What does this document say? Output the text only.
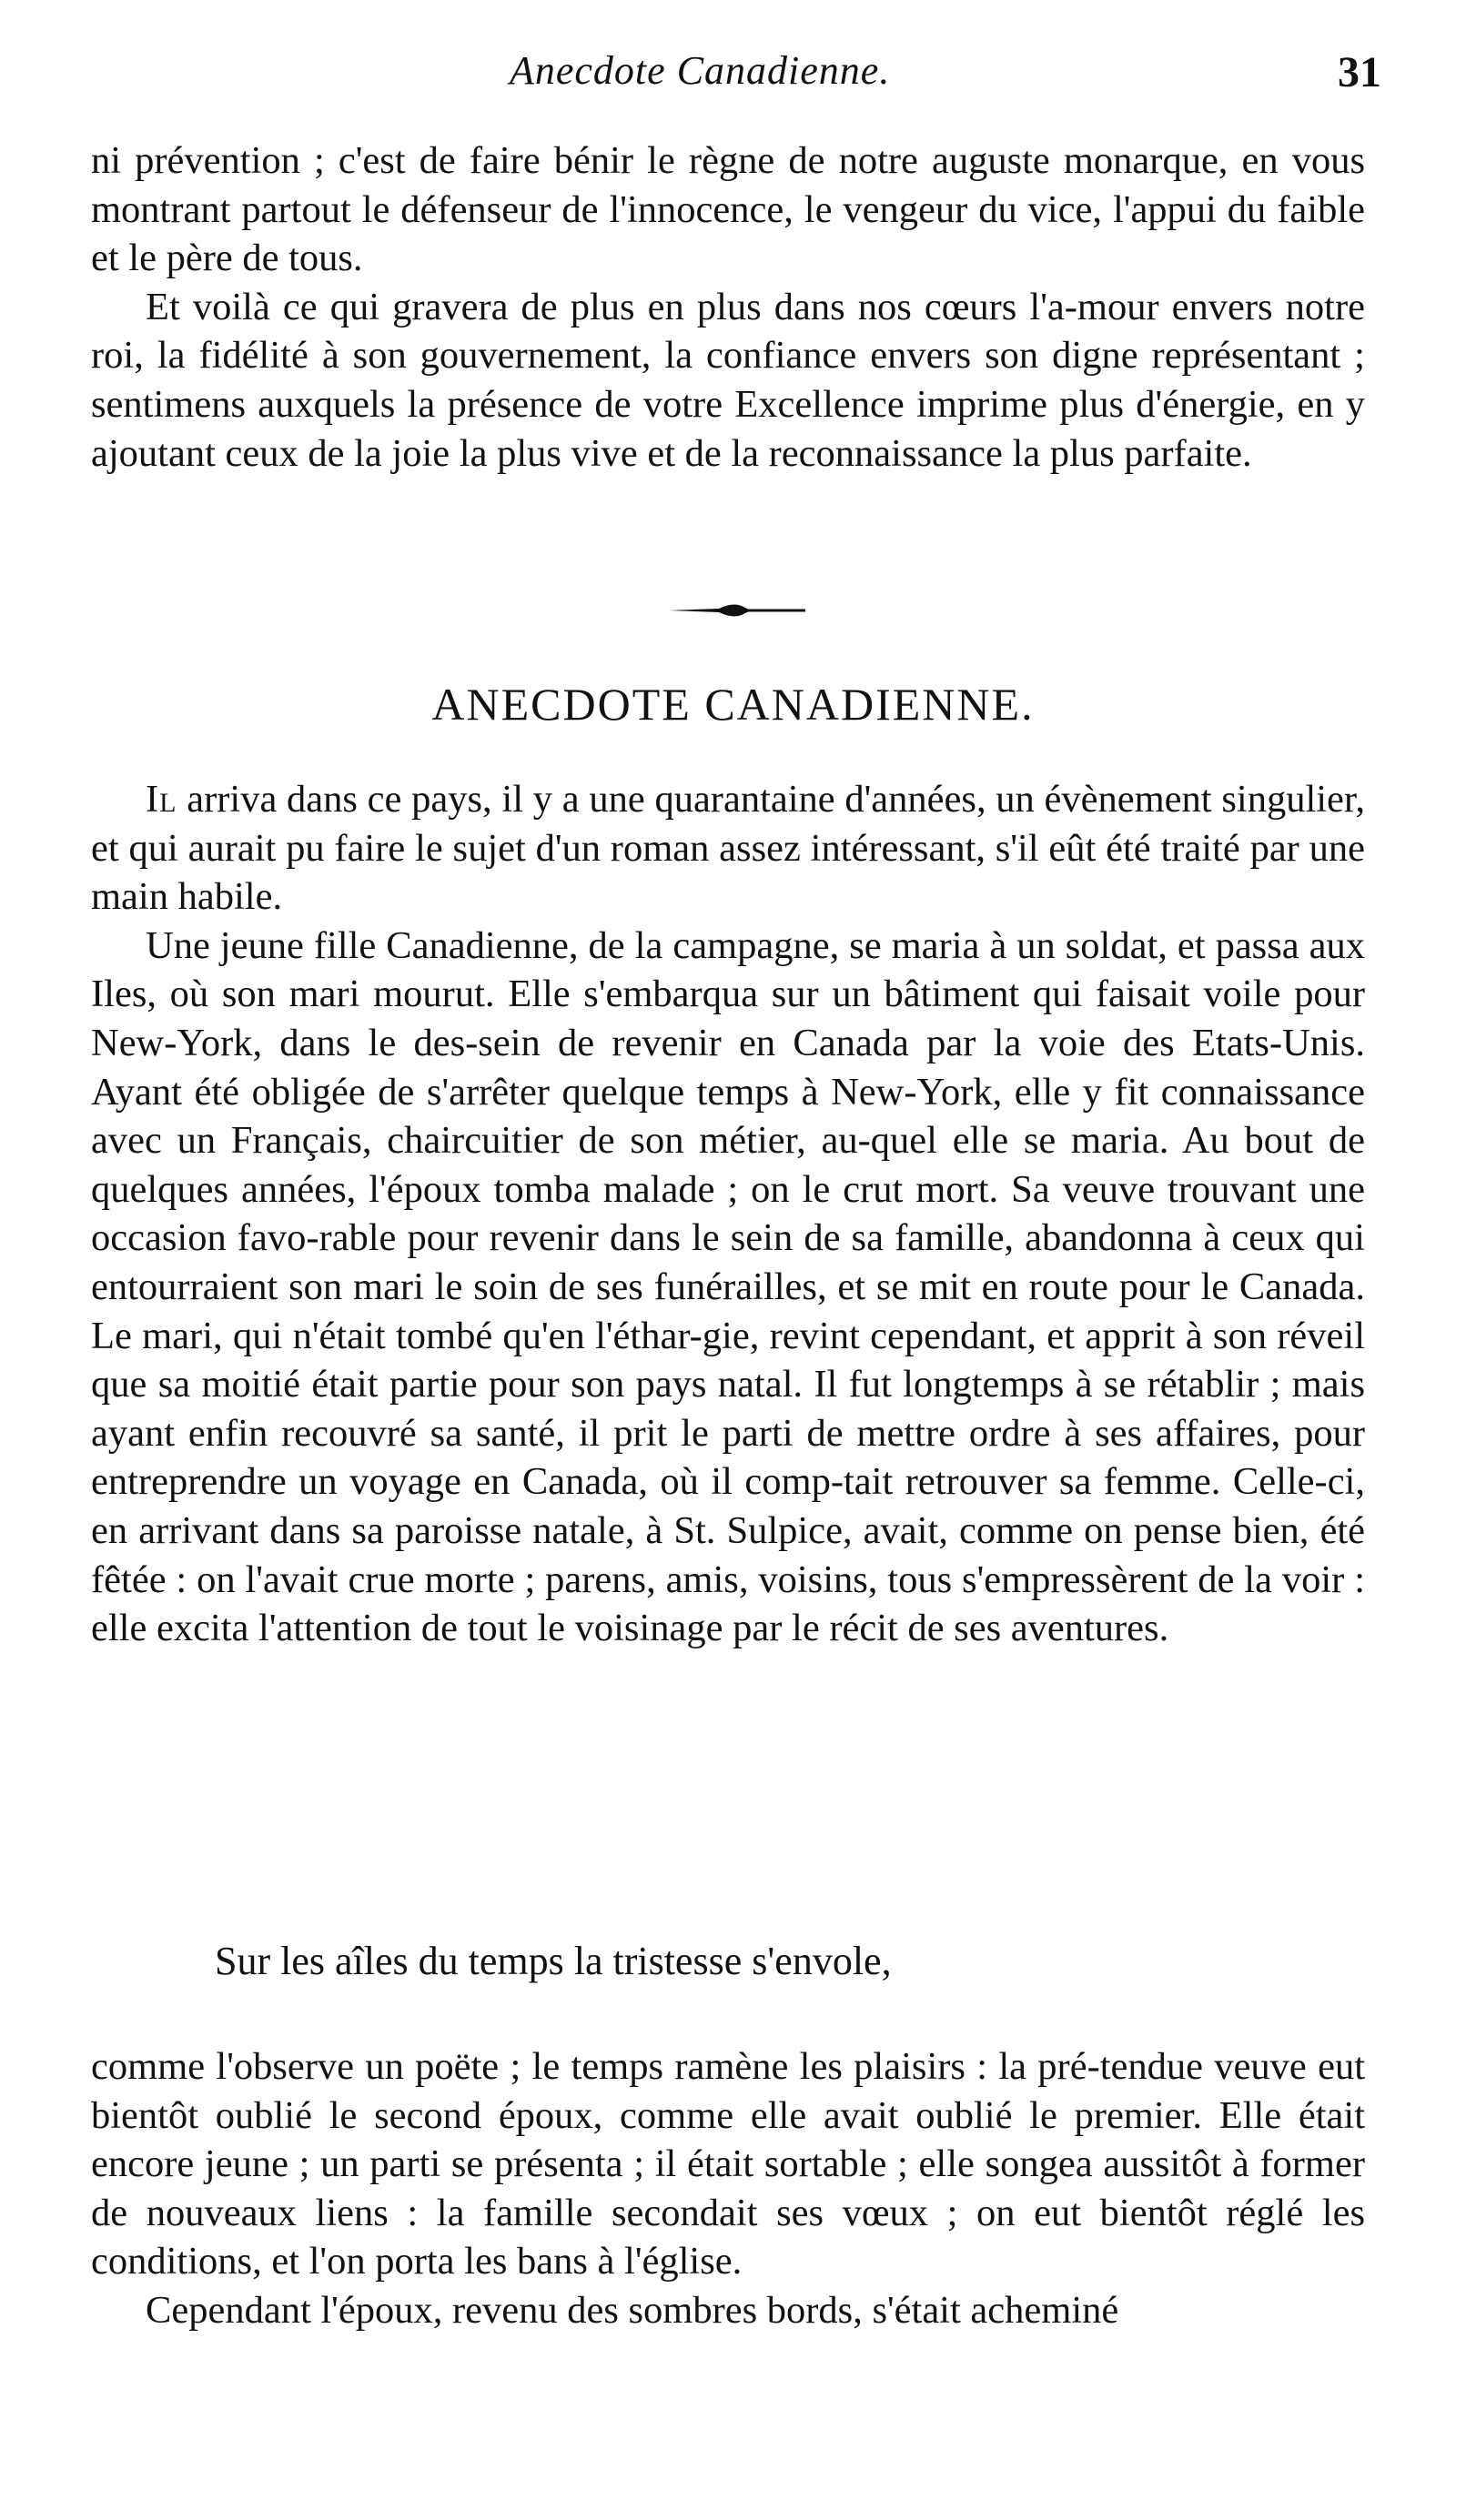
Anecdote Canadienne.	31

ni prévention ; c'est de faire bénir le règne de notre auguste monarque, en vous montrant partout le défenseur de l'innocence, le vengeur du vice, l'appui du faible et le père de tous.

Et voilà ce qui gravera de plus en plus dans nos cœurs l'a-mour envers notre roi, la fidélité à son gouvernement, la confiance envers son digne représentant ; sentimens auxquels la présence de votre Excellence imprime plus d'énergie, en y ajoutant ceux de la joie la plus vive et de la reconnaissance la plus parfaite.

ANECDOTE CANADIENNE.

Il arriva dans ce pays, il y a une quarantaine d'années, un évènement singulier, et qui aurait pu faire le sujet d'un roman assez intéressant, s'il eût été traité par une main habile.

Une jeune fille Canadienne, de la campagne, se maria à un soldat, et passa aux Iles, où son mari mourut. Elle s'embarqua sur un bâtiment qui faisait voile pour New-York, dans le des-sein de revenir en Canada par la voie des Etats-Unis. Ayant été obligée de s'arrêter quelque temps à New-York, elle y fit connaissance avec un Français, chaircuitier de son métier, au-quel elle se maria. Au bout de quelques années, l'époux tomba malade ; on le crut mort. Sa veuve trouvant une occasion favo-rable pour revenir dans le sein de sa famille, abandonna à ceux qui entourraient son mari le soin de ses funérailles, et se mit en route pour le Canada. Le mari, qui n'était tombé qu'en l'éthar-gie, revint cependant, et apprit à son réveil que sa moitié était partie pour son pays natal. Il fut longtemps à se rétablir ; mais ayant enfin recouvré sa santé, il prit le parti de mettre ordre à ses affaires, pour entreprendre un voyage en Canada, où il comp-tait retrouver sa femme. Celle-ci, en arrivant dans sa paroisse natale, à St. Sulpice, avait, comme on pense bien, été fêtée : on l'avait crue morte ; parens, amis, voisins, tous s'empressèrent de la voir : elle excita l'attention de tout le voisinage par le récit de ses aventures.

Sur les aîles du temps la tristesse s'envole,

comme l'observe un poëte ; le temps ramène les plaisirs : la pré-tendue veuve eut bientôt oublié le second époux, comme elle avait oublié le premier. Elle était encore jeune ; un parti se présenta ; il était sortable ; elle songea aussitôt à former de nouveaux liens : la famille secondait ses vœux ; on eut bientôt réglé les conditions, et l'on porta les bans à l'église.

Cependant l'époux, revenu des sombres bords, s'était acheminé
